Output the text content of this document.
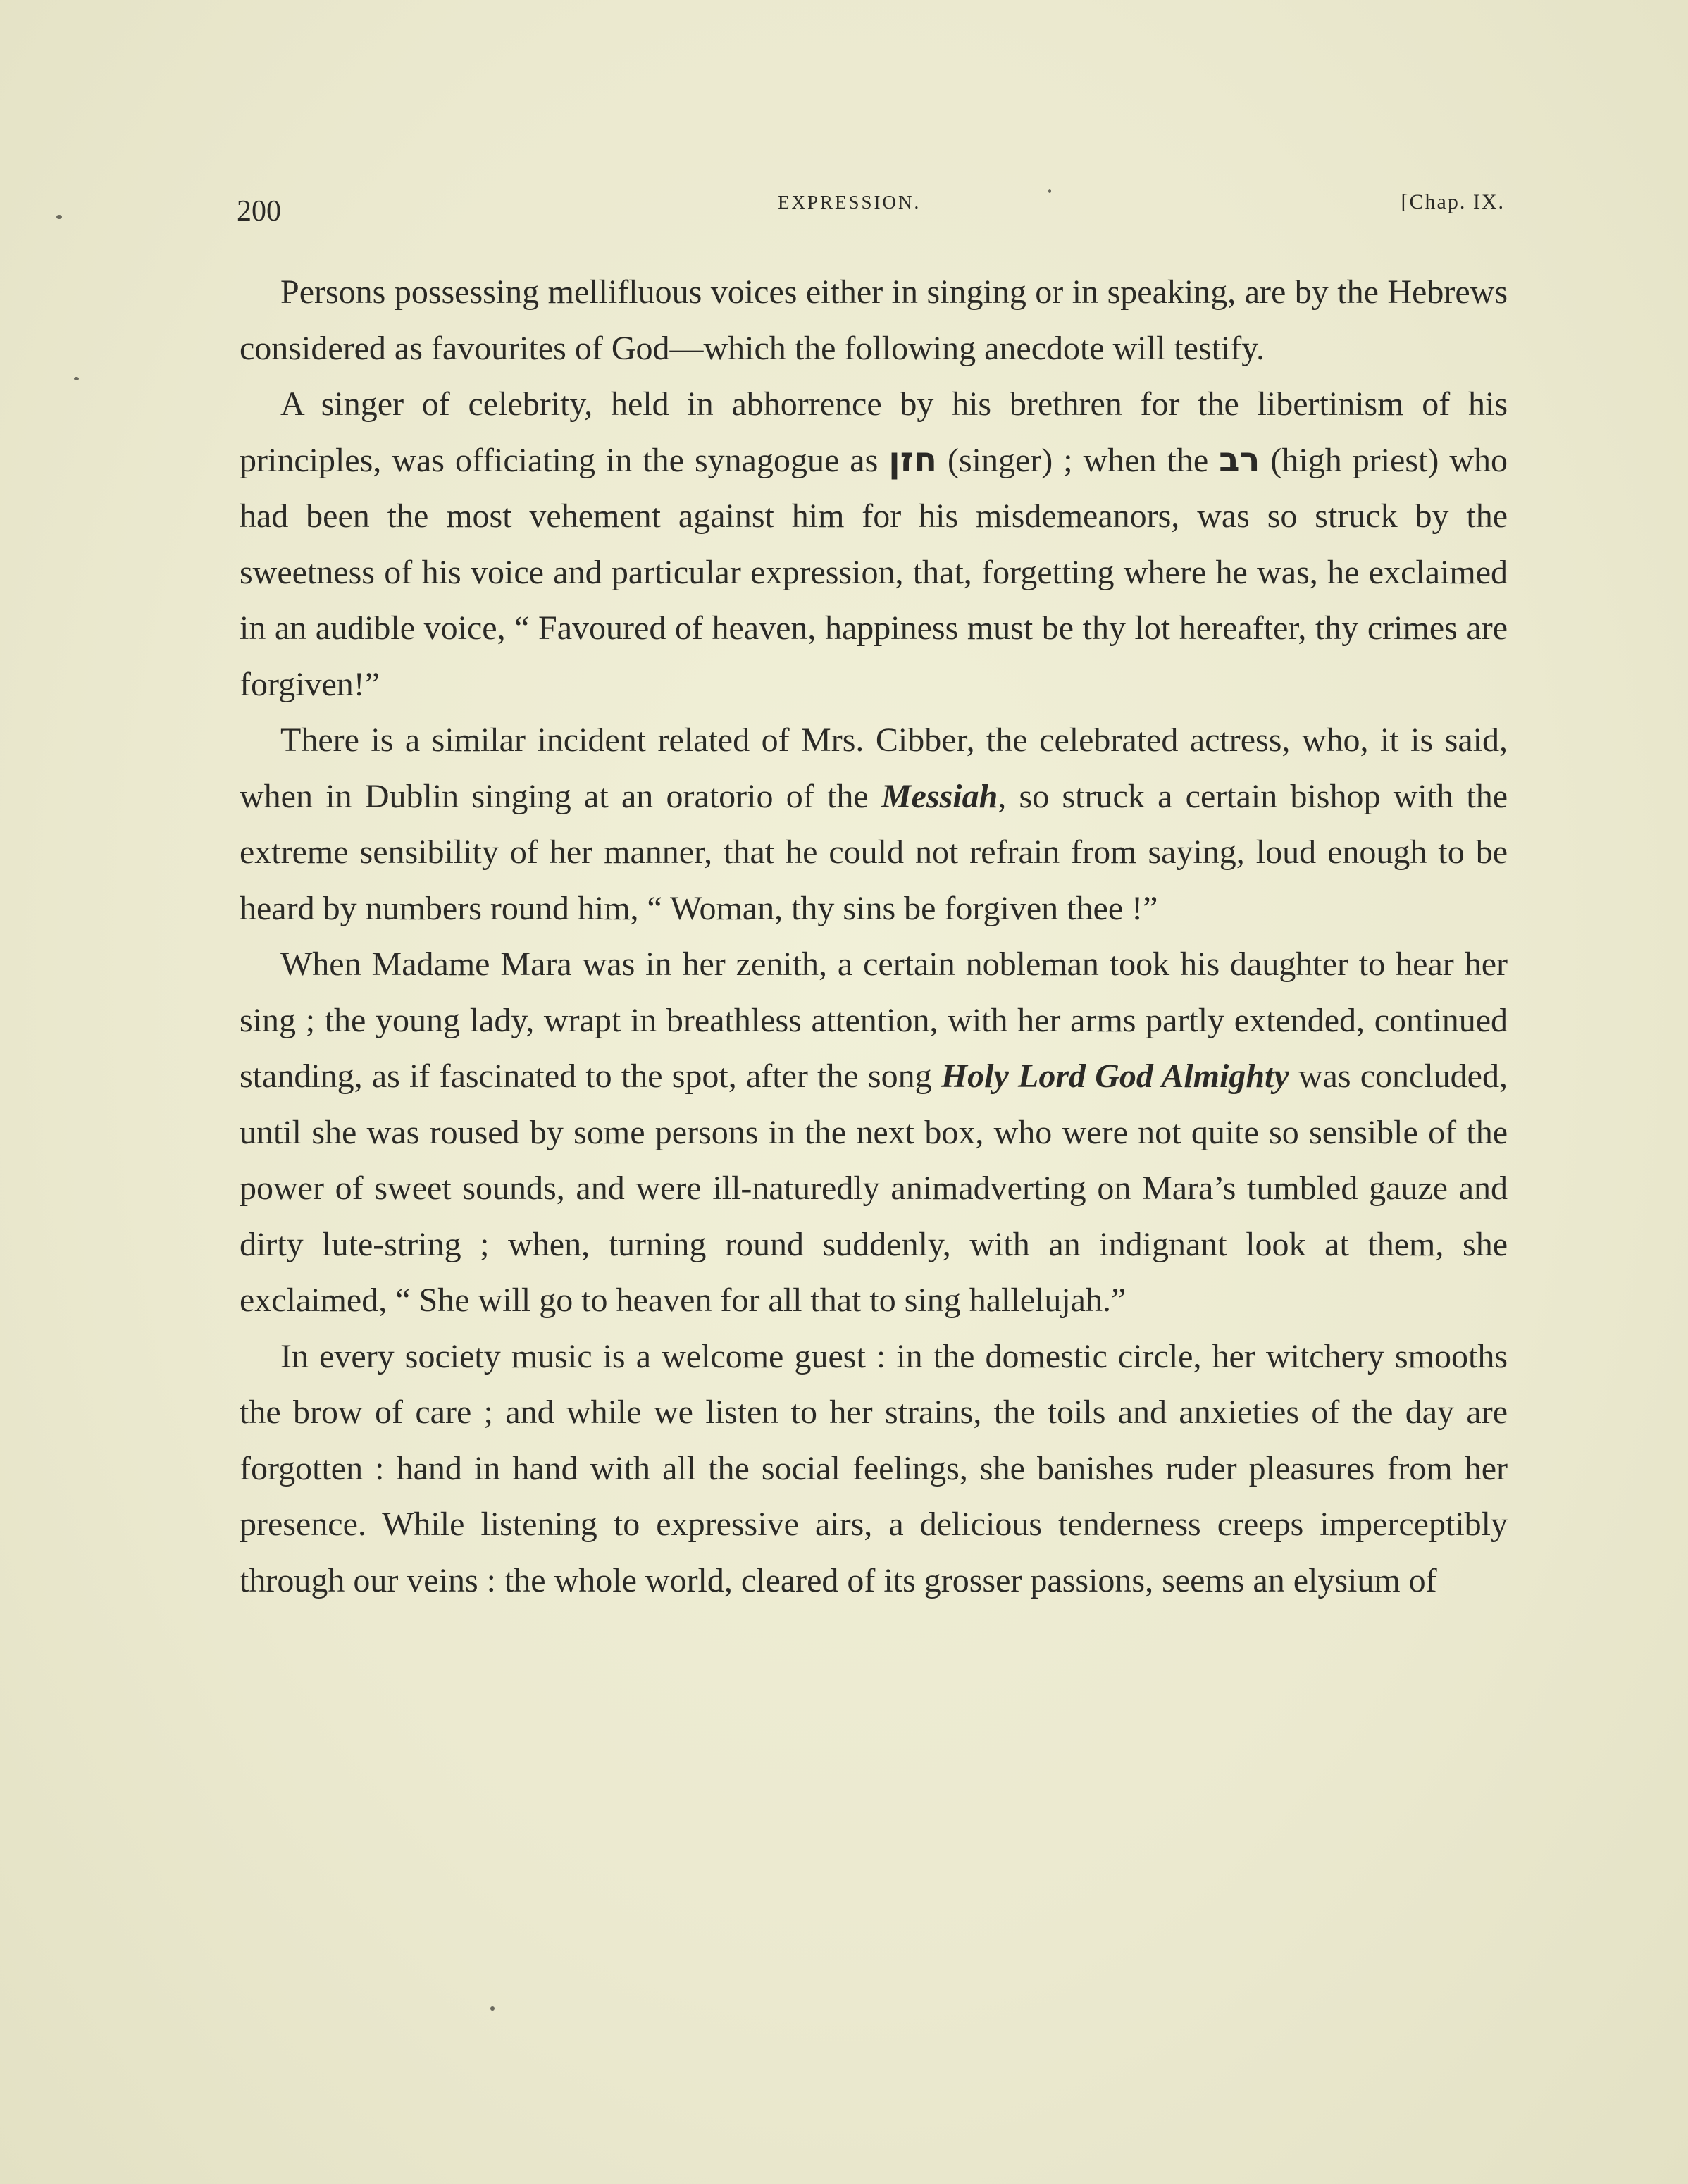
200	EXPRESSION.	[Chap. IX.

Persons possessing mellifluous voices either in singing or in speaking, are by the Hebrews considered as favourites of God—which the following anecdote will testify.

A singer of celebrity, held in abhorrence by his brethren for the libertinism of his principles, was officiating in the synagogue as חזן (singer) ; when the רב (high priest) who had been the most vehement against him for his misdemeanors, was so struck by the sweetness of his voice and particular expression, that, forgetting where he was, he exclaimed in an audible voice, “ Favoured of heaven, happiness must be thy lot hereafter, thy crimes are forgiven!”

There is a similar incident related of Mrs. Cibber, the celebrated actress, who, it is said, when in Dublin singing at an oratorio of the Messiah, so struck a certain bishop with the extreme sensibility of her manner, that he could not refrain from saying, loud enough to be heard by numbers round him, “ Woman, thy sins be forgiven thee !”

When Madame Mara was in her zenith, a certain nobleman took his daughter to hear her sing ; the young lady, wrapt in breathless attention, with her arms partly extended, continued standing, as if fascinated to the spot, after the song Holy Lord God Almighty was concluded, until she was roused by some persons in the next box, who were not quite so sensible of the power of sweet sounds, and were ill-naturedly animadverting on Mara’s tumbled gauze and dirty lute-string ; when, turning round suddenly, with an indignant look at them, she exclaimed, “ She will go to heaven for all that to sing hallelujah.”

In every society music is a welcome guest : in the domestic circle, her witchery smooths the brow of care ; and while we listen to her strains, the toils and anxieties of the day are forgotten : hand in hand with all the social feelings, she banishes ruder pleasures from her presence. While listening to expressive airs, a delicious tenderness creeps imperceptibly through our veins : the whole world, cleared of its grosser passions, seems an elysium of
